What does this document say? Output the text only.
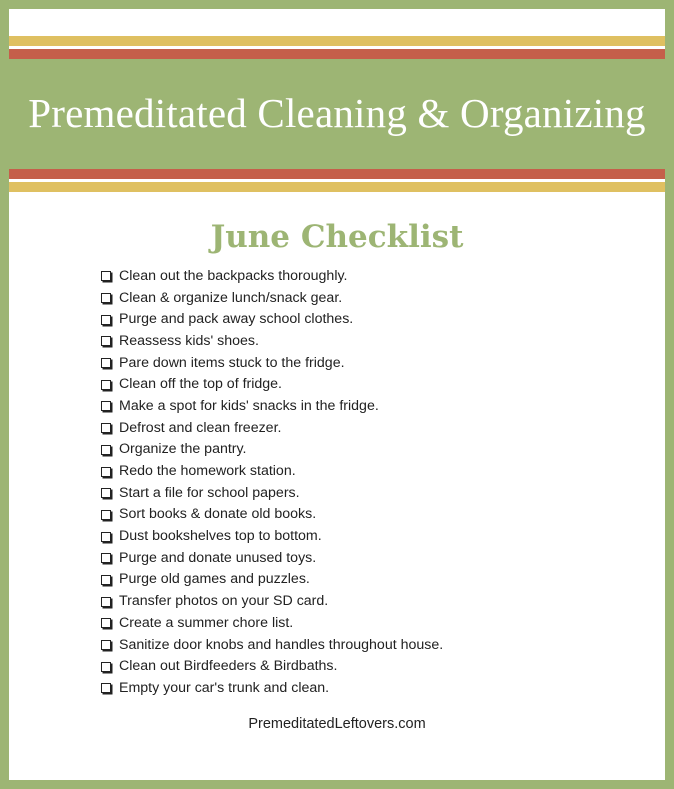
Premeditated Cleaning & Organizing
June Checklist
Clean out the backpacks thoroughly.
Clean & organize lunch/snack gear.
Purge and pack away school clothes.
Reassess kids' shoes.
Pare down items stuck to the fridge.
Clean off the top of fridge.
Make a spot for kids' snacks in the fridge.
Defrost and clean freezer.
Organize the pantry.
Redo the homework station.
Start a file for school papers.
Sort books & donate old books.
Dust bookshelves top to bottom.
Purge and donate unused toys.
Purge old games and puzzles.
Transfer photos on your SD card.
Create a summer chore list.
Sanitize door knobs and handles throughout house.
Clean out Birdfeeders & Birdbaths.
Empty your car's trunk and clean.
PremeditatedLeftovers.com
